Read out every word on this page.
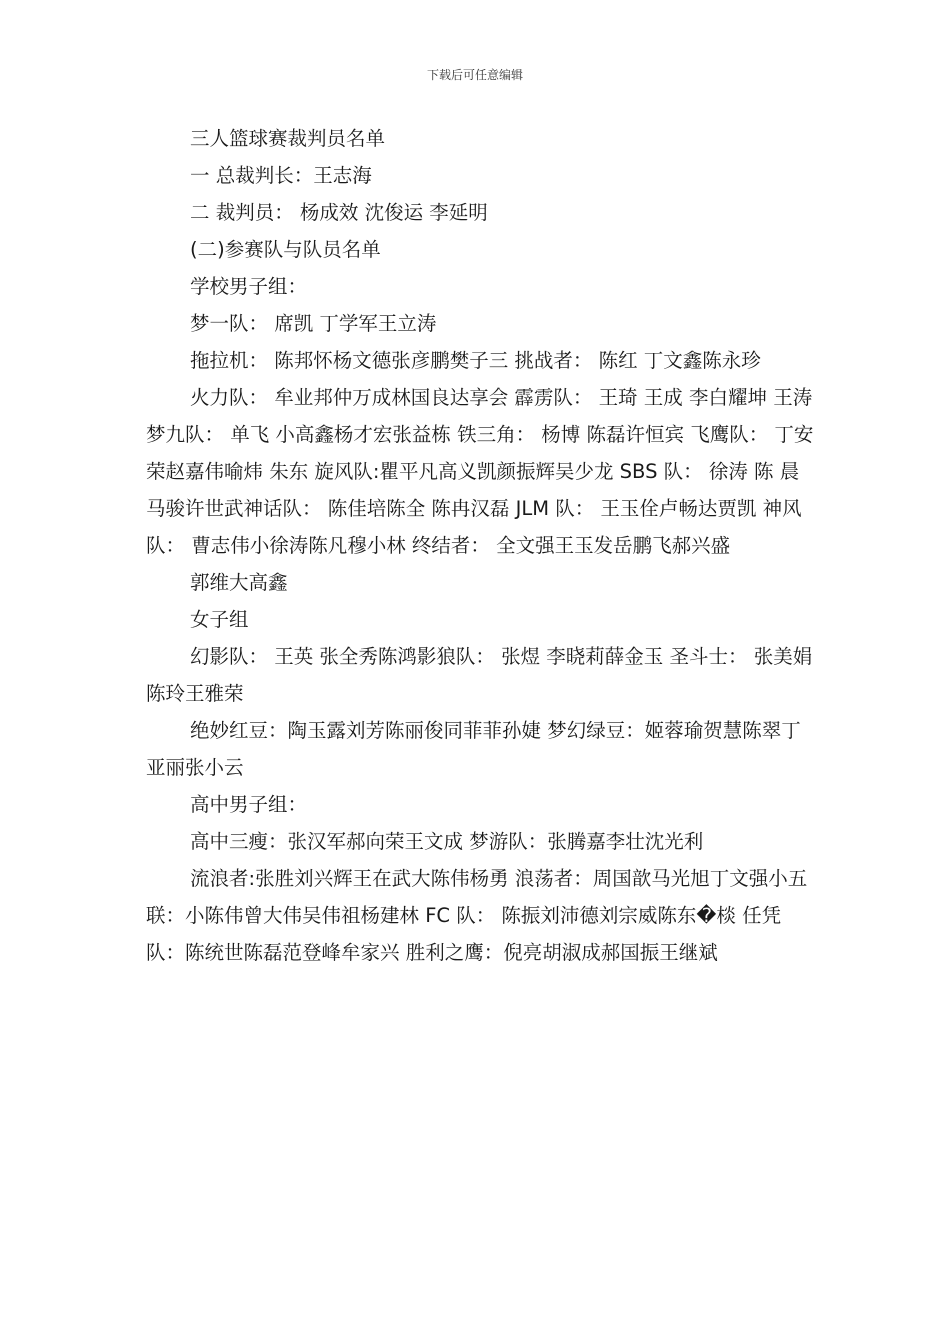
下载后可任意编辑

三人篮球赛裁判员名单

一 总裁判长：王志海

二 裁判员： 杨成效 沈俊运 李延明

(二)参赛队与队员名单

学校男子组：

梦一队： 席凯 丁学军王立涛

拖拉机： 陈邦怀杨文德张彦鹏樊子三 挑战者： 陈红 丁文鑫陈永珍

火力队： 牟业邦仲万成林国良达享会 霹雳队： 王琦 王成 李白耀坤 王涛 梦九队： 单飞 小高鑫杨才宏张益栋 铁三角： 杨博 陈磊许恒宾 飞鹰队： 丁安荣赵嘉伟喻炜 朱东 旋风队:瞿平凡高义凯颜振辉吴少龙 SBS 队： 徐涛 陈 晨马骏许世武神话队： 陈佳培陈全 陈冉汉磊 JLM 队： 王玉佺卢畅达贾凯 神风队： 曹志伟小徐涛陈凡穆小林 终结者： 全文强王玉发岳鹏飞郝兴盛

郭维大高鑫

女子组

幻影队： 王英 张全秀陈鸿影狼队： 张煜 李晓莉薛金玉 圣斗士： 张美娟陈玲王雅荣

绝妙红豆：陶玉露刘芳陈丽俊同菲菲孙婕 梦幻绿豆：姬蓉瑜贺慧陈翠丁亚丽张小云

高中男子组：

高中三瘦：张汉军郝向荣王文成 梦游队：张腾嘉李壮沈光利

流浪者:张胜刘兴辉王在武大陈伟杨勇 浪荡者：周国歆马光旭丁文强小五联：小陈伟曾大伟吴伟祖杨建林 FC 队： 陈振刘沛德刘宗威陈东�棪 任凭队：陈统世陈磊范登峰牟家兴 胜利之鹰：倪亮胡淑成郝国振王继斌
